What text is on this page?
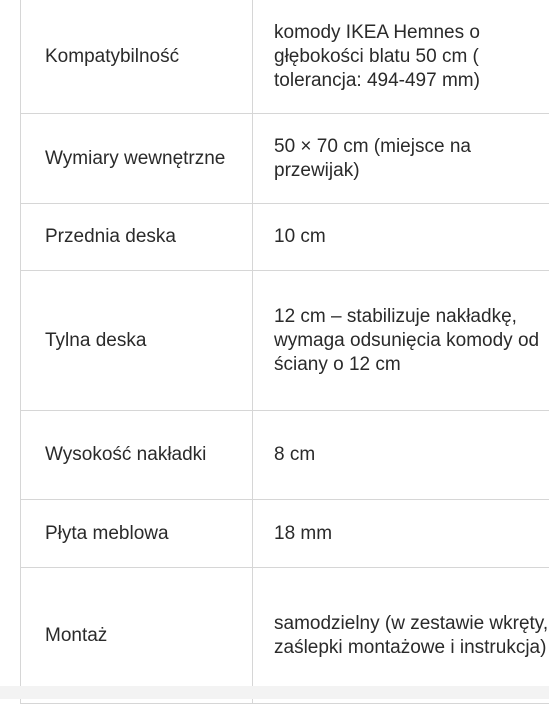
Kompatybilność	komody IKEA Hemnes o głębokości blatu 50 cm ( tolerancja: 494-497 mm)
Wymiary wewnętrzne	50 × 70 cm (miejsce na przewijak)
Przednia deska	10 cm
Tylna deska	12 cm – stabilizuje nakładkę, wymaga odsunięcia komody od ściany o 12 cm
Wysokość nakładki	8 cm
Płyta meblowa	18 mm
Montaż	samodzielny (w zestawie wkręty, zaślepki montażowe i instrukcja)
